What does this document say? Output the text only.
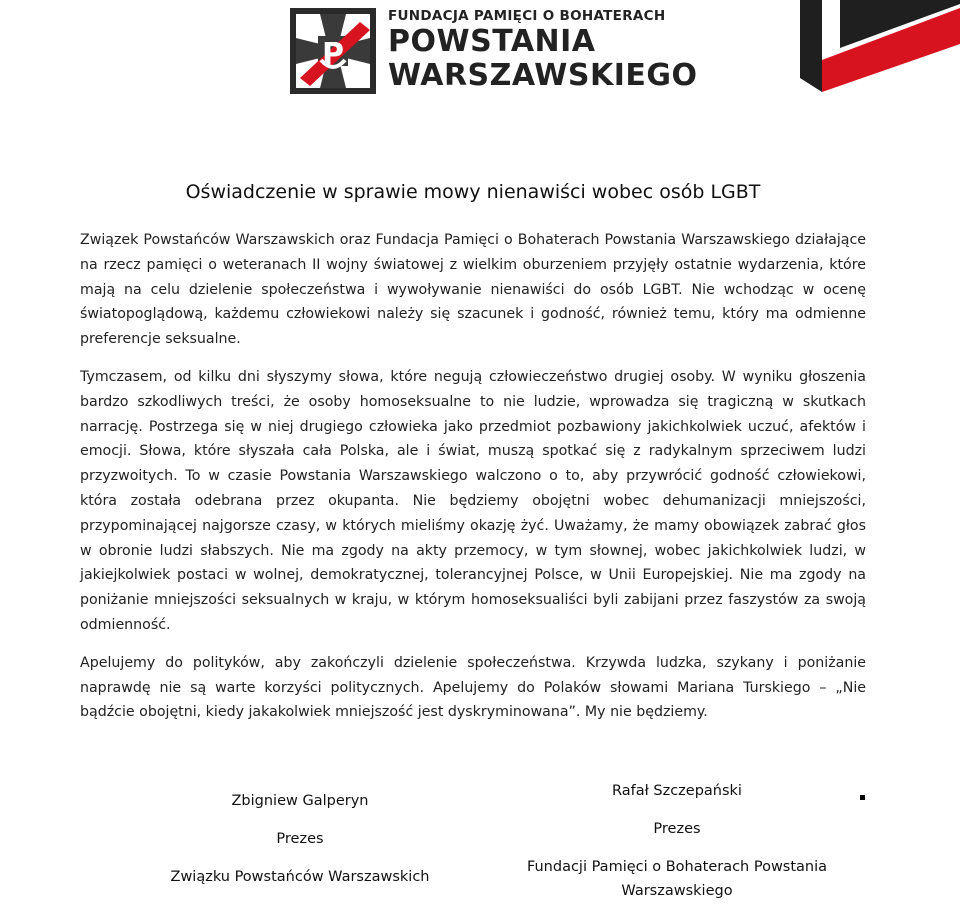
P
FUNDACJA PAMIĘCI O BOHATERACH
POWSTANIA
WARSZAWSKIEGO
Oświadczenie w sprawie mowy nienawiści wobec osób LGBT

Związek Powstańców Warszawskich oraz Fundacja Pamięci o Bohaterach Powstania Warszawskiego działające na rzecz pamięci o weteranach II wojny światowej z wielkim oburzeniem przyjęły ostatnie wydarzenia, które mają na celu dzielenie społeczeństwa i wywoływanie nienawiści do osób LGBT. Nie wchodząc w ocenę światopoglądową, każdemu człowiekowi należy się szacunek i godność, również temu, który ma odmienne preferencje seksualne.

Tymczasem, od kilku dni słyszymy słowa, które negują człowieczeństwo drugiej osoby. W wyniku głoszenia bardzo szkodliwych treści, że osoby homoseksualne to nie ludzie, wprowadza się tragiczną w skutkach narrację. Postrzega się w niej drugiego człowieka jako przedmiot pozbawiony jakichkolwiek uczuć, afektów i emocji. Słowa, które słyszała cała Polska, ale i świat, muszą spotkać się z radykalnym sprzeciwem ludzi przyzwoitych. To w czasie Powstania Warszawskiego walczono o to, aby przywrócić godność człowiekowi, która została odebrana przez okupanta. Nie będziemy obojętni wobec dehumanizacji mniejszości, przypominającej najgorsze czasy, w których mieliśmy okazję żyć. Uważamy, że mamy obowiązek zabrać głos w obronie ludzi słabszych. Nie ma zgody na akty przemocy, w tym słownej, wobec jakichkolwiek ludzi, w jakiejkolwiek postaci w wolnej, demokratycznej, tolerancyjnej Polsce, w Unii Europejskiej. Nie ma zgody na poniżanie mniejszości seksualnych w kraju, w którym homoseksualiści byli zabijani przez faszystów za swoją odmienność.

Apelujemy do polityków, aby zakończyli dzielenie społeczeństwa. Krzywda ludzka, szykany i poniżanie naprawdę nie są warte korzyści politycznych. Apelujemy do Polaków słowami Mariana Turskiego – „Nie bądźcie obojętni, kiedy jakakolwiek mniejszość jest dyskryminowana”. My nie będziemy.

Zbigniew Galperyn
Prezes
Związku Powstańców Warszawskich
Rafał Szczepański
Prezes
Fundacji Pamięci o Bohaterach Powstania Warszawskiego
